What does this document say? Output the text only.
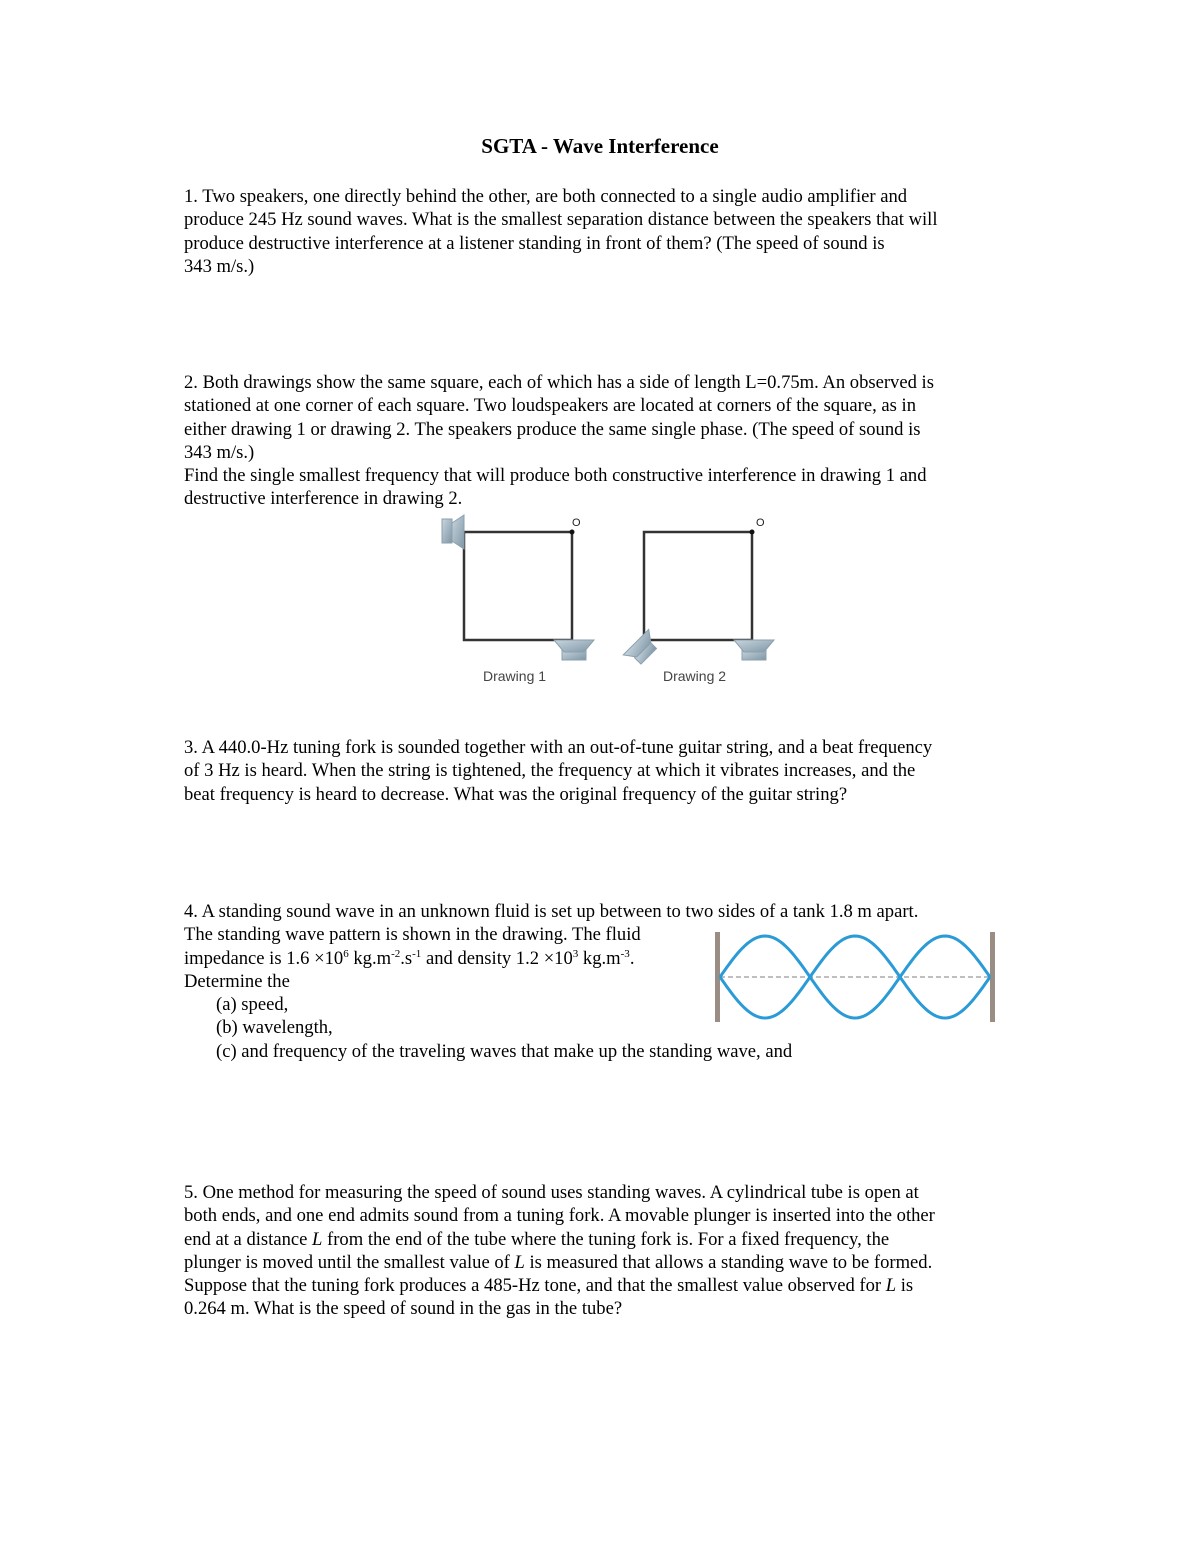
SGTA - Wave Interference

1. Two speakers, one directly behind the other, are both connected to a single audio amplifier and

produce 245 Hz sound waves. What is the smallest separation distance between the speakers that will

produce destructive interference at a listener standing in front of them? (The speed of sound is

343 m/s.)

2. Both drawings show the same square, each of which has a side of length L=0.75m. An observed is

stationed at one corner of each square. Two loudspeakers are located at corners of the square, as in

either drawing 1 or drawing 2. The speakers produce the same single phase. (The speed of sound is

343 m/s.)

Find the single smallest frequency that will produce both constructive interference in drawing 1 and

destructive interference in drawing 2.

O	O
Drawing 1	Drawing 2

3. A 440.0-Hz tuning fork is sounded together with an out-of-tune guitar string, and a beat frequency

of 3 Hz is heard. When the string is tightened, the frequency at which it vibrates increases, and the

beat frequency is heard to decrease. What was the original frequency of the guitar string?

4. A standing sound wave in an unknown fluid is set up between to two sides of a tank 1.8 m apart.

The standing wave pattern is shown in the drawing. The fluid

impedance is $1.6 \times 10^6$ $kg.m^{-2}.s^{-1}$ and density $1.2 \times 10^3$ $kg.m^{-3}$.

Determine the

(a) speed,

(b) wavelength,

(c) and frequency of the traveling waves that make up the standing wave, and

5. One method for measuring the speed of sound uses standing waves. A cylindrical tube is open at

both ends, and one end admits sound from a tuning fork. A movable plunger is inserted into the other

end at a distance L from the end of the tube where the tuning fork is. For a fixed frequency, the

plunger is moved until the smallest value of L is measured that allows a standing wave to be formed.

Suppose that the tuning fork produces a 485-Hz tone, and that the smallest value observed for L is

0.264 m. What is the speed of sound in the gas in the tube?
